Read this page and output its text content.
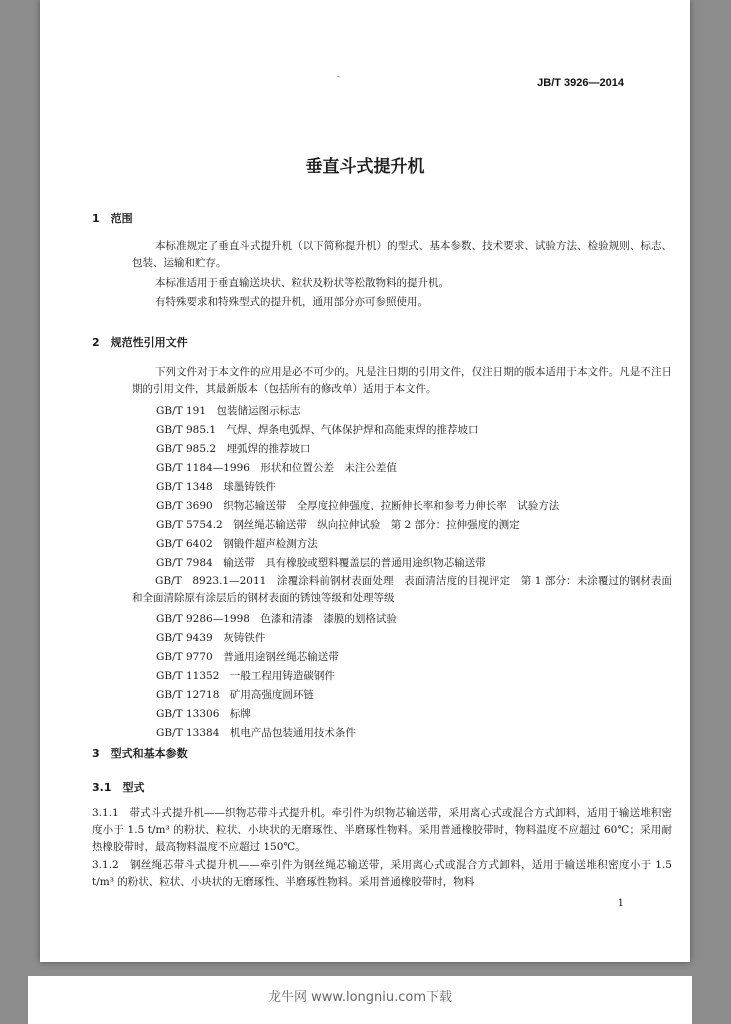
-
JB/T 3926—2014
垂直斗式提升机
1　范围
本标准规定了垂直斗式提升机（以下简称提升机）的型式、基本参数、技术要求、试验方法、检验规则、标志、包装、运输和贮存。
本标准适用于垂直输送块状、粒状及粉状等松散物料的提升机。
有特殊要求和特殊型式的提升机，通用部分亦可参照使用。
2　规范性引用文件
下列文件对于本文件的应用是必不可少的。凡是注日期的引用文件，仅注日期的版本适用于本文件。凡是不注日期的引用文件，其最新版本（包括所有的修改单）适用于本文件。
GB/T 191　包装储运图示标志
GB/T 985.1　气焊、焊条电弧焊、气体保护焊和高能束焊的推荐坡口
GB/T 985.2　埋弧焊的推荐坡口
GB/T 1184—1996　形状和位置公差　未注公差值
GB/T 1348　球墨铸铁件
GB/T 3690　织物芯输送带　全厚度拉伸强度、拉断伸长率和参考力伸长率　试验方法
GB/T 5754.2　钢丝绳芯输送带　纵向拉伸试验　第 2 部分：拉伸强度的测定
GB/T 6402　钢锻件超声检测方法
GB/T 7984　输送带　具有橡胶或塑料覆盖层的普通用途织物芯输送带
GB/T　8923.1—2011　涂覆涂料前钢材表面处理　表面清洁度的目视评定　第 1 部分：未涂覆过的钢材表面和全面清除原有涂层后的钢材表面的锈蚀等级和处理等级
GB/T 9286—1998　色漆和清漆　漆膜的划格试验
GB/T 9439　灰铸铁件
GB/T 9770　普通用途钢丝绳芯输送带
GB/T 11352　一般工程用铸造碳钢件
GB/T 12718　矿用高强度圆环链
GB/T 13306　标牌
GB/T 13384　机电产品包装通用技术条件
3　型式和基本参数
3.1　型式
3.1.1　带式斗式提升机——织物芯带斗式提升机。牵引件为织物芯输送带，采用离心式或混合方式卸料，适用于输送堆积密度小于 1.5 t/m³ 的粉状、粒状、小块状的无磨琢性、半磨琢性物料。采用普通橡胶带时，物料温度不应超过 60℃；采用耐热橡胶带时，最高物料温度不应超过 150℃。
3.1.2　钢丝绳芯带斗式提升机——牵引件为钢丝绳芯输送带，采用离心式或混合方式卸料，适用于输送堆积密度小于 1.5 t/m³ 的粉状、粒状、小块状的无磨琢性、半磨琢性物料。采用普通橡胶带时，物料
1
龙牛网 www.longniu.com下载
